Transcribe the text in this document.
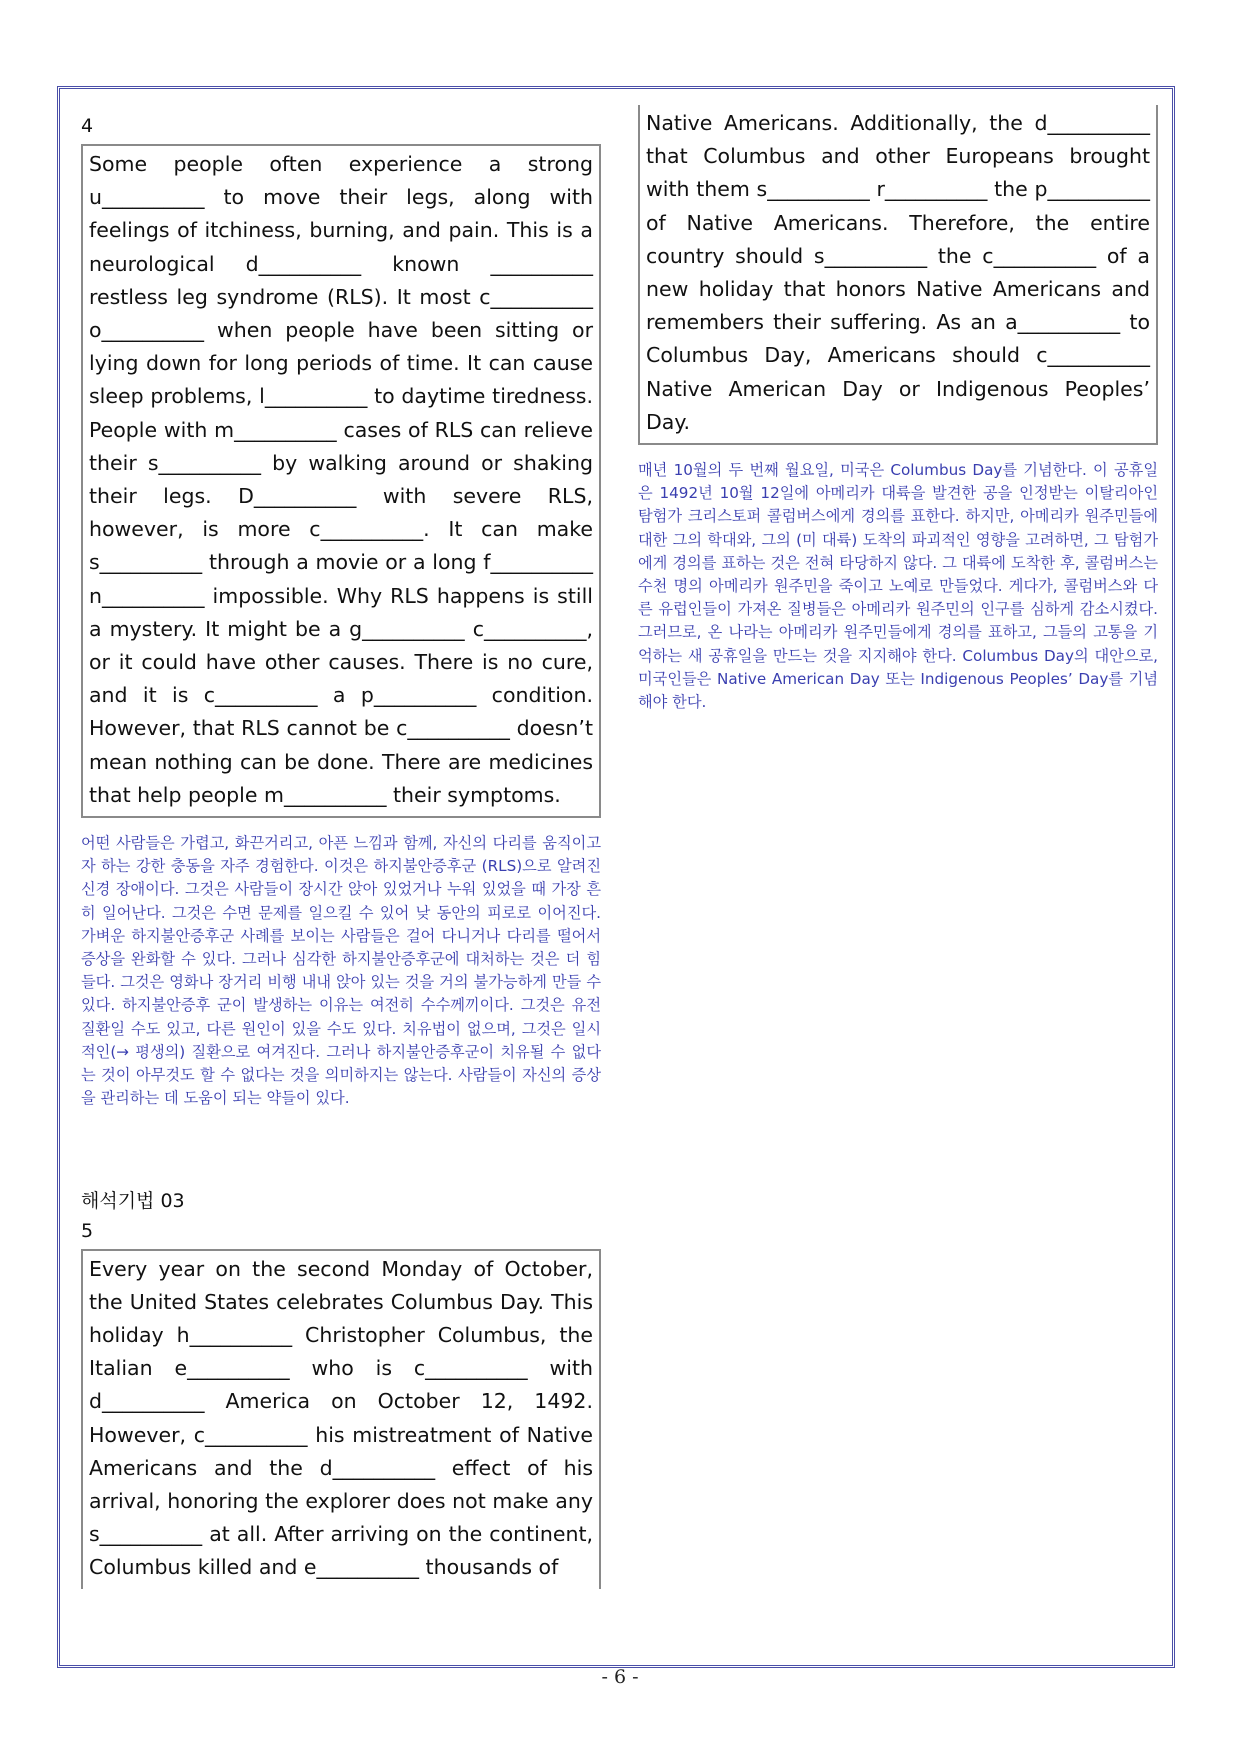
4
Some people often experience a strong u__________ to move their legs, along with feelings of itchiness, burning, and pain. This is a neurological d__________ known __________ restless leg syndrome (RLS). It most c__________ o__________ when people have been sitting or lying down for long periods of time. It can cause sleep problems, l__________ to daytime tiredness. People with m__________ cases of RLS can relieve their s__________ by walking around or shaking their legs. D__________ with severe RLS, however, is more c__________. It can make s__________ through a movie or a long f__________ n__________ impossible. Why RLS happens is still a mystery. It might be a g__________ c__________, or it could have other causes. There is no cure, and it is c__________ a p__________ condition. However, that RLS cannot be c__________ doesn’t mean nothing can be done. There are medicines that help people m__________ their symptoms.
어떤 사람들은 가렵고, 화끈거리고, 아픈 느낌과 함께, 자신의 다리를 움직이고자 하는 강한 충동을 자주 경험한다. 이것은 하지불안증후군 (RLS)으로 알려진 신경 장애이다. 그것은 사람들이 장시간 앉아 있었거나 누워 있었을 때 가장 흔히 일어난다. 그것은 수면 문제를 일으킬 수 있어 낮 동안의 피로로 이어진다. 가벼운 하지불안증후군 사례를 보이는 사람들은 걸어 다니거나 다리를 떨어서 증상을 완화할 수 있다. 그러나 심각한 하지불안증후군에 대처하는 것은 더 힘들다. 그것은 영화나 장거리 비행 내내 앉아 있는 것을 거의 불가능하게 만들 수 있다. 하지불안증후 군이 발생하는 이유는 여전히 수수께끼이다. 그것은 유전 질환일 수도 있고, 다른 원인이 있을 수도 있다. 치유법이 없으며, 그것은 일시적인(→ 평생의) 질환으로 여겨진다. 그러나 하지불안증후군이 치유될 수 없다는 것이 아무것도 할 수 없다는 것을 의미하지는 않는다. 사람들이 자신의 증상을 관리하는 데 도움이 되는 약들이 있다.
해석기법 03
5
Every year on the second Monday of October, the United States celebrates Columbus Day. This holiday h__________ Christopher Columbus, the Italian e__________ who is c__________ with d__________ America on October 12, 1492. However, c__________ his mistreatment of Native Americans and the d__________ effect of his arrival, honoring the explorer does not make any s__________ at all. After arriving on the continent, Columbus killed and e__________ thousands of
Native Americans. Additionally, the d__________ that Columbus and other Europeans brought with them s__________ r__________ the p__________ of Native Americans. Therefore, the entire country should s__________ the c__________ of a new holiday that honors Native Americans and remembers their suffering. As an a__________ to Columbus Day, Americans should c__________ Native American Day or Indigenous Peoples’ Day.
매년 10월의 두 번째 월요일, 미국은 Columbus Day를 기념한다. 이 공휴일은 1492년 10월 12일에 아메리카 대륙을 발견한 공을 인정받는 이탈리아인 탐험가 크리스토퍼 콜럼버스에게 경의를 표한다. 하지만, 아메리카 원주민들에 대한 그의 학대와, 그의 (미 대륙) 도착의 파괴적인 영향을 고려하면, 그 탐험가에게 경의를 표하는 것은 전혀 타당하지 않다. 그 대륙에 도착한 후, 콜럼버스는 수천 명의 아메리카 원주민을 죽이고 노예로 만들었다. 게다가, 콜럼버스와 다른 유럽인들이 가져온 질병들은 아메리카 원주민의 인구를 심하게 감소시켰다. 그러므로, 온 나라는 아메리카 원주민들에게 경의를 표하고, 그들의 고통을 기억하는 새 공휴일을 만드는 것을 지지해야 한다. Columbus Day의 대안으로, 미국인들은 Native American Day 또는 Indigenous Peoples’ Day를 기념해야 한다.
- 6 -
